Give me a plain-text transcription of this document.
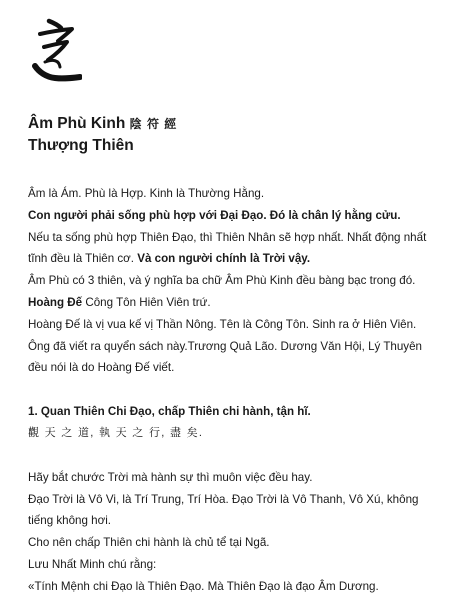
Âm Phù Kinh 陰 符 經
Thượng Thiên

Âm là Ám. Phù là Hợp. Kinh là Thường Hằng.

Con người phải sống phù hợp với Đại Đạo. Đó là chân lý hằng cửu.

Nếu ta sống phù hợp Thiên Đạo, thì Thiên Nhân sẽ hợp nhất. Nhất động nhất tĩnh đều là Thiên cơ. Và con người chính là Trời vậy.

Âm Phù có 3 thiên, và ý nghĩa ba chữ Âm Phù Kinh đều bàng bạc trong đó.

Hoàng Đế Công Tôn Hiên Viên trứ.

Hoàng Đế là vị vua kế vị Thần Nông. Tên là Công Tôn. Sinh ra ở Hiên Viên. Ông đã viết ra quyển sách này.Trương Quả Lão. Dương Văn Hội, Lý Thuyên đều nói là do Hoàng Đế viết.

1. Quan Thiên Chi Đạo, chấp Thiên chi hành, tận hĩ.

觀 天 之 道, 執 天 之 行, 盡 矣.

Hãy bắt chước Trời mà hành sự thì muôn việc đều hay.

Đạo Trời là Vô Vi, là Trí Trung, Trí Hòa. Đạo Trời là Vô Thanh, Vô Xú, không tiếng không hơi.

Cho nên chấp Thiên chi hành là chủ tể tại Ngã.

Lưu Nhất Minh chú rằng:

«Tính Mệnh chi Đạo là Thiên Đạo. Mà Thiên Đạo là đạo Âm Dương.
